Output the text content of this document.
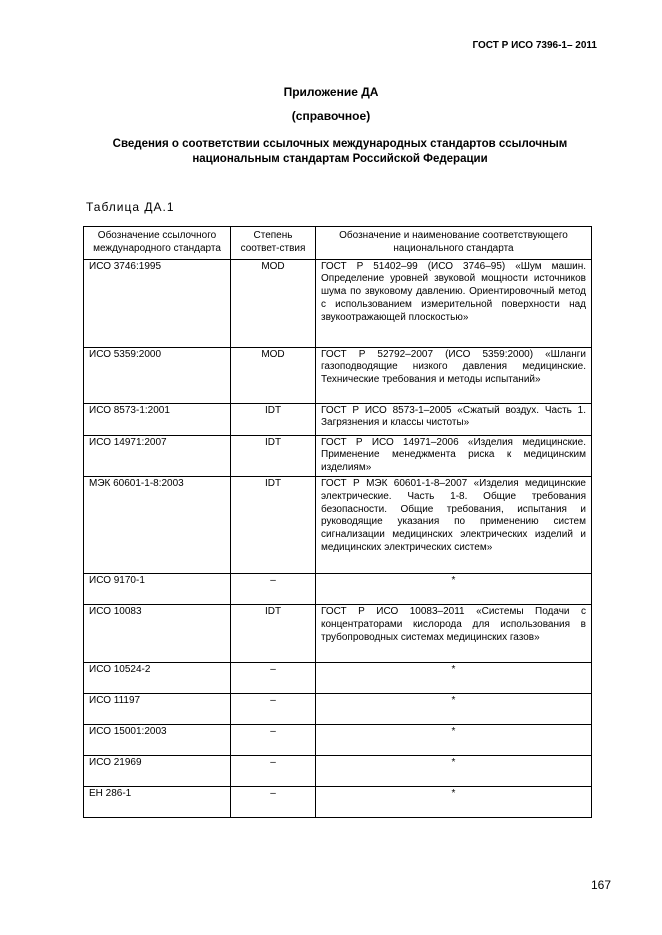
ГОСТ Р ИСО 7396-1– 2011
Приложение ДА
(справочное)
Сведения о соответствии ссылочных международных стандартов ссылочным
национальным стандартам Российской Федерации
Таблица ДА.1
Обозначение ссылочного международного стандарта	Степень соответ-ствия	Обозначение и наименование соответствующего национального стандарта
ИСО 3746:1995	MOD	ГОСТ Р 51402–99 (ИСО 3746–95) «Шум машин. Определение уровней звуковой мощности источников шума по звуковому давлению. Ориентировочный метод с использованием измерительной поверхности над звукоотражающей плоскостью»
ИСО 5359:2000	MOD	ГОСТ Р 52792–2007 (ИСО 5359:2000) «Шланги газоподводящие низкого давления медицинские. Технические требования и методы испытаний»
ИСО 8573-1:2001	IDT	ГОСТ Р ИСО 8573-1–2005 «Сжатый воздух. Часть 1. Загрязнения и классы чистоты»
ИСО 14971:2007	IDT	ГОСТ Р ИСО 14971–2006 «Изделия медицинские. Применение менеджмента риска к медицинским изделиям»
МЭК 60601-1-8:2003	IDT	ГОСТ Р МЭК 60601-1-8–2007 «Изделия медицинские электрические. Часть 1-8. Общие требования безопасности. Общие требования, испытания и руководящие указания по применению систем сигнализации медицинских электрических изделий и медицинских электрических систем»
ИСО 9170-1	–	*
ИСО 10083	IDT	ГОСТ Р ИСО 10083–2011 «Системы Подачи с концентраторами кислорода для использования в трубопроводных системах медицинских газов»
ИСО 10524-2	–	*
ИСО 11197	–	*
ИСО 15001:2003	–	*
ИСО 21969	–	*
ЕН 286-1	–	*
167
